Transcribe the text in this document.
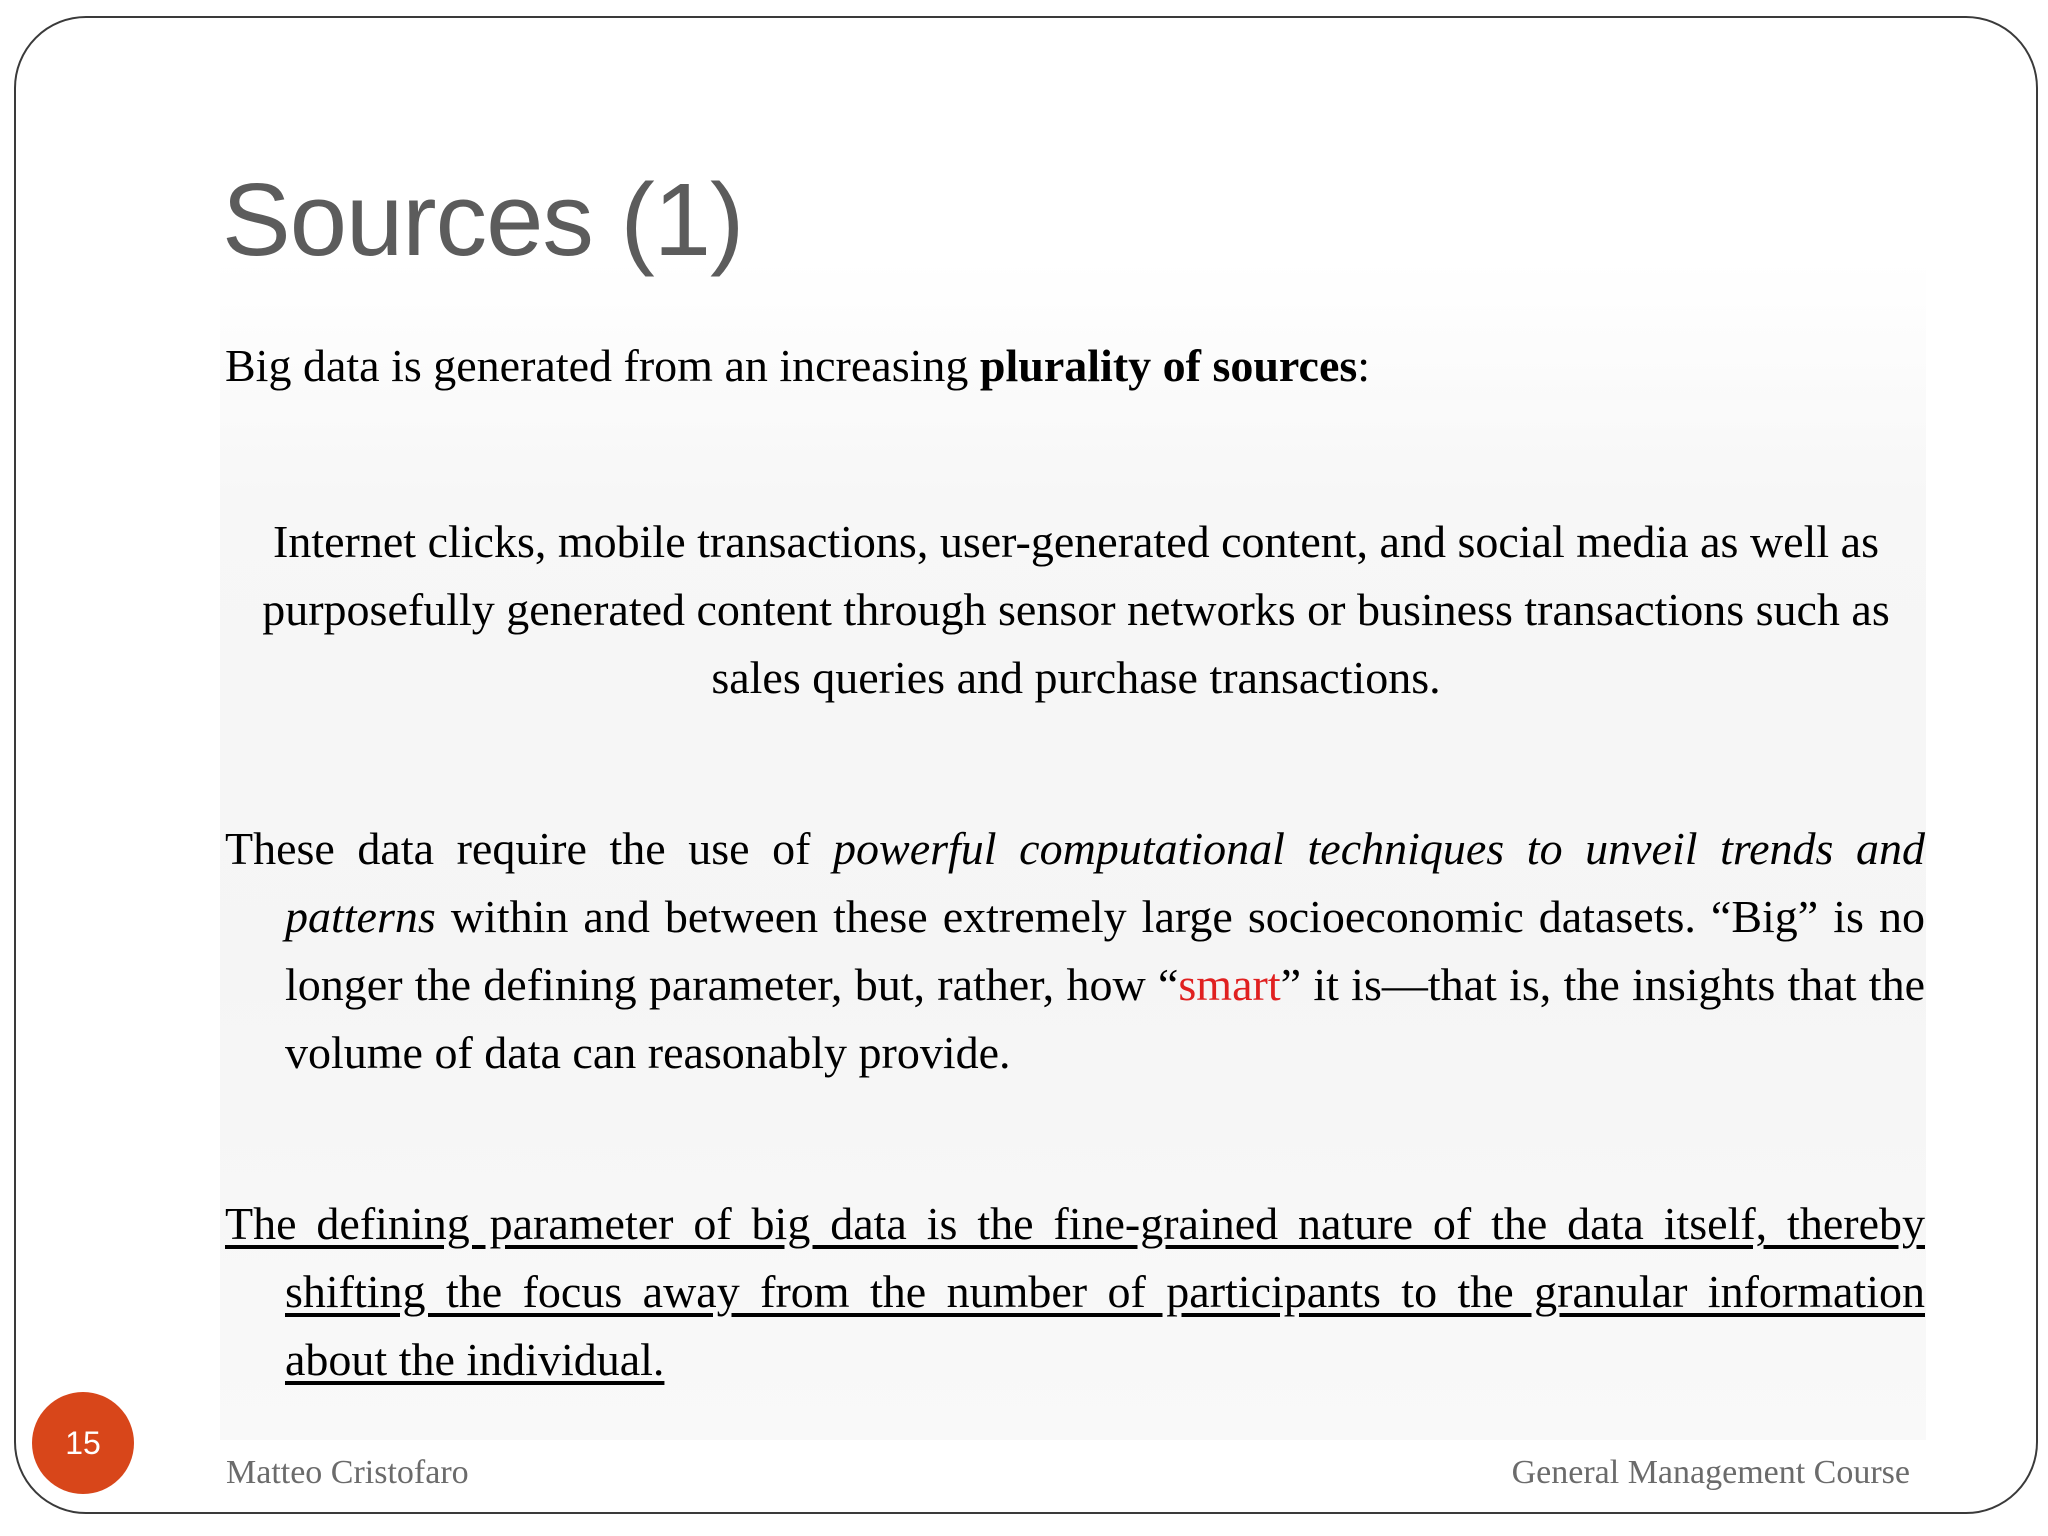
Sources (1)
Big data is generated from an increasing plurality of sources:
Internet clicks, mobile transactions, user-generated content, and social media as well as purposefully generated content through sensor networks or business transactions such as sales queries and purchase transactions.
These data require the use of powerful computational techniques to unveil trends and patterns within and between these extremely large socioeconomic datasets. “Big” is no longer the defining parameter, but, rather, how “smart” it is—that is, the insights that the volume of data can reasonably provide.
The defining parameter of big data is the fine-grained nature of the data itself, thereby shifting the focus away from the number of participants to the granular information about the individual.
15
Matteo Cristofaro	General Management Course
